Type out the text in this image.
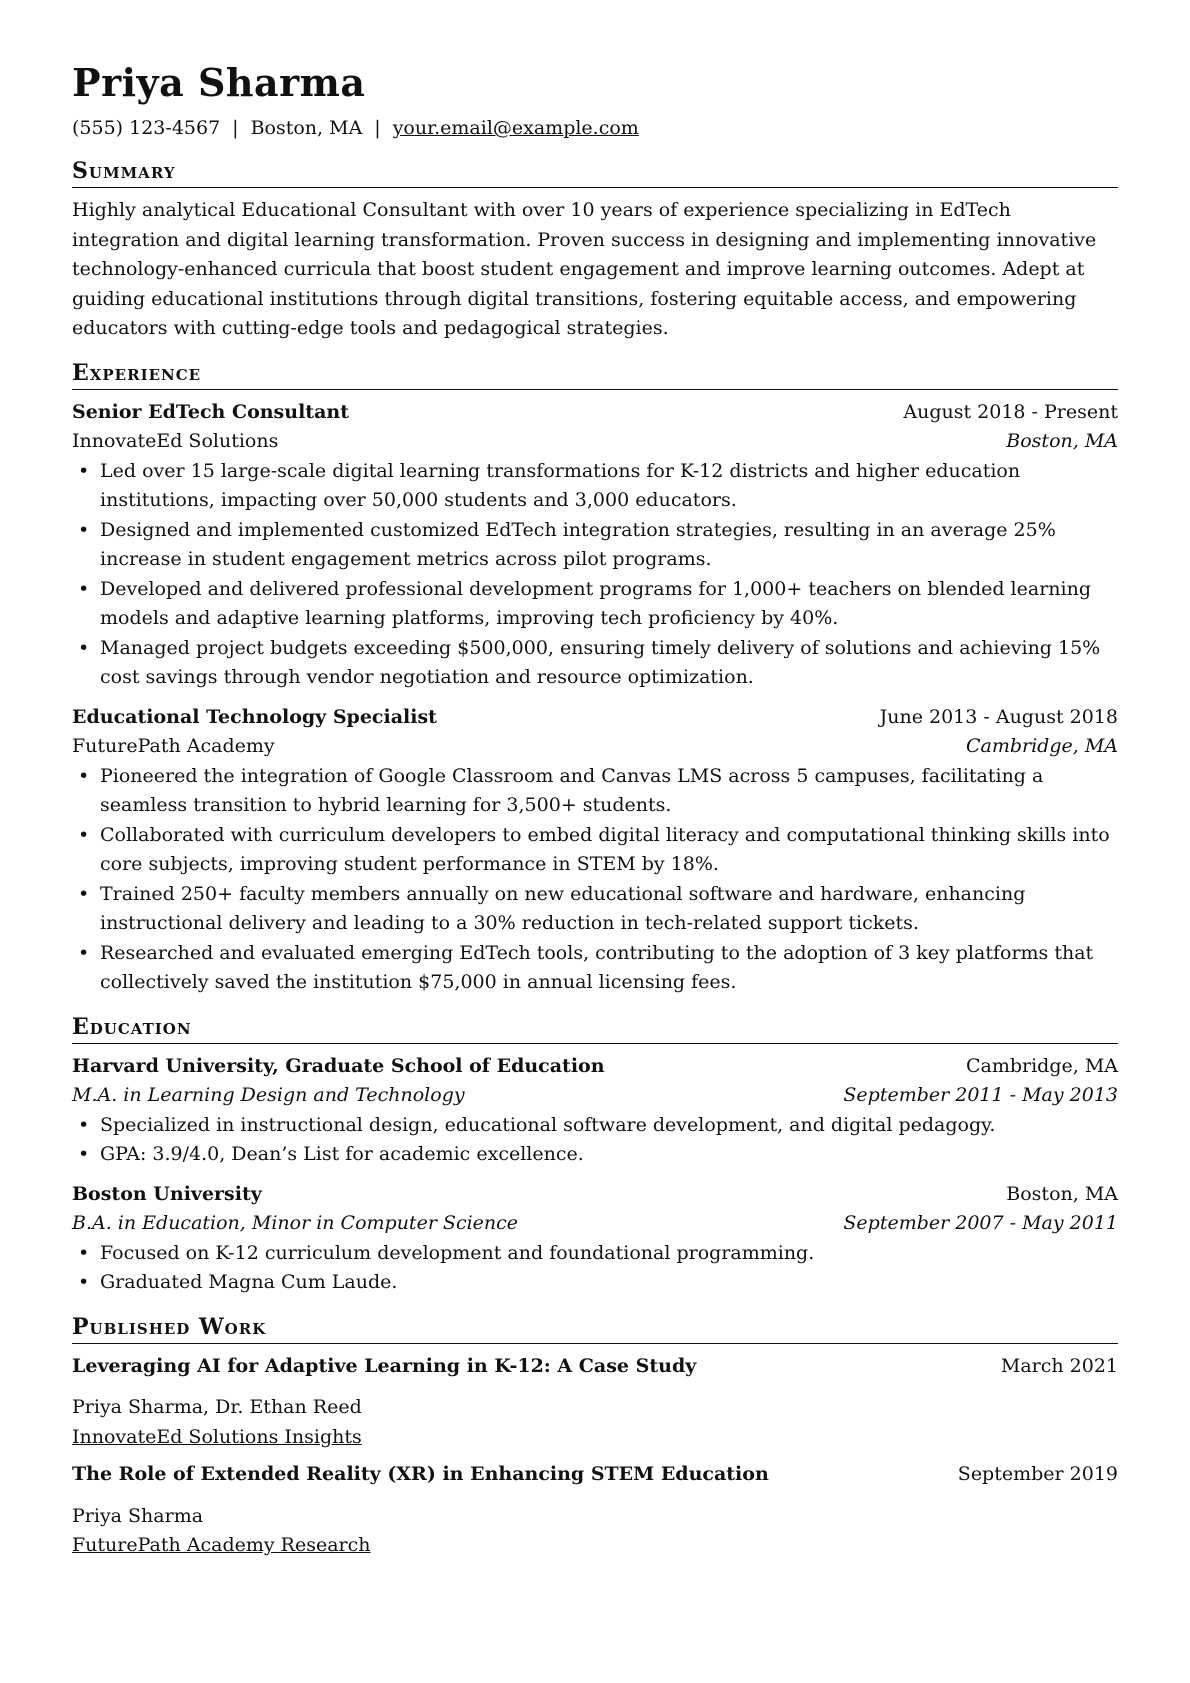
Priya Sharma
(555) 123-4567 | Boston, MA | your.email@example.com
Summary

Highly analytical Educational Consultant with over 10 years of experience specializing in EdTech integration and digital learning transformation. Proven success in designing and implementing innovative technology-enhanced curricula that boost student engagement and improve learning outcomes. Adept at guiding educational institutions through digital transitions, fostering equitable access, and empowering educators with cutting-edge tools and pedagogical strategies.

Experience
Senior EdTech Consultant	August 2018 - Present
InnovateEd Solutions	Boston, MA
• Led over 15 large-scale digital learning transformations for K-12 districts and higher education institutions, impacting over 50,000 students and 3,000 educators.
• Designed and implemented customized EdTech integration strategies, resulting in an average 25% increase in student engagement metrics across pilot programs.
• Developed and delivered professional development programs for 1,000+ teachers on blended learning models and adaptive learning platforms, improving tech proficiency by 40%.
• Managed project budgets exceeding $500,000, ensuring timely delivery of solutions and achieving 15% cost savings through vendor negotiation and resource optimization.
Educational Technology Specialist	June 2013 - August 2018
FuturePath Academy	Cambridge, MA
• Pioneered the integration of Google Classroom and Canvas LMS across 5 campuses, facilitating a seamless transition to hybrid learning for 3,500+ students.
• Collaborated with curriculum developers to embed digital literacy and computational thinking skills into core subjects, improving student performance in STEM by 18%.
• Trained 250+ faculty members annually on new educational software and hardware, enhancing instructional delivery and leading to a 30% reduction in tech-related support tickets.
• Researched and evaluated emerging EdTech tools, contributing to the adoption of 3 key platforms that collectively saved the institution $75,000 in annual licensing fees.
Education
Harvard University, Graduate School of Education	Cambridge, MA
M.A. in Learning Design and Technology	September 2011 - May 2013
• Specialized in instructional design, educational software development, and digital pedagogy.
• GPA: 3.9/4.0, Dean’s List for academic excellence.
Boston University	Boston, MA
B.A. in Education, Minor in Computer Science	September 2007 - May 2011
• Focused on K-12 curriculum development and foundational programming.
• Graduated Magna Cum Laude.
Published Work
Leveraging AI for Adaptive Learning in K-12: A Case Study	March 2021
Priya Sharma, Dr. Ethan Reed
InnovateEd Solutions Insights
The Role of Extended Reality (XR) in Enhancing STEM Education	September 2019
Priya Sharma
FuturePath Academy Research
